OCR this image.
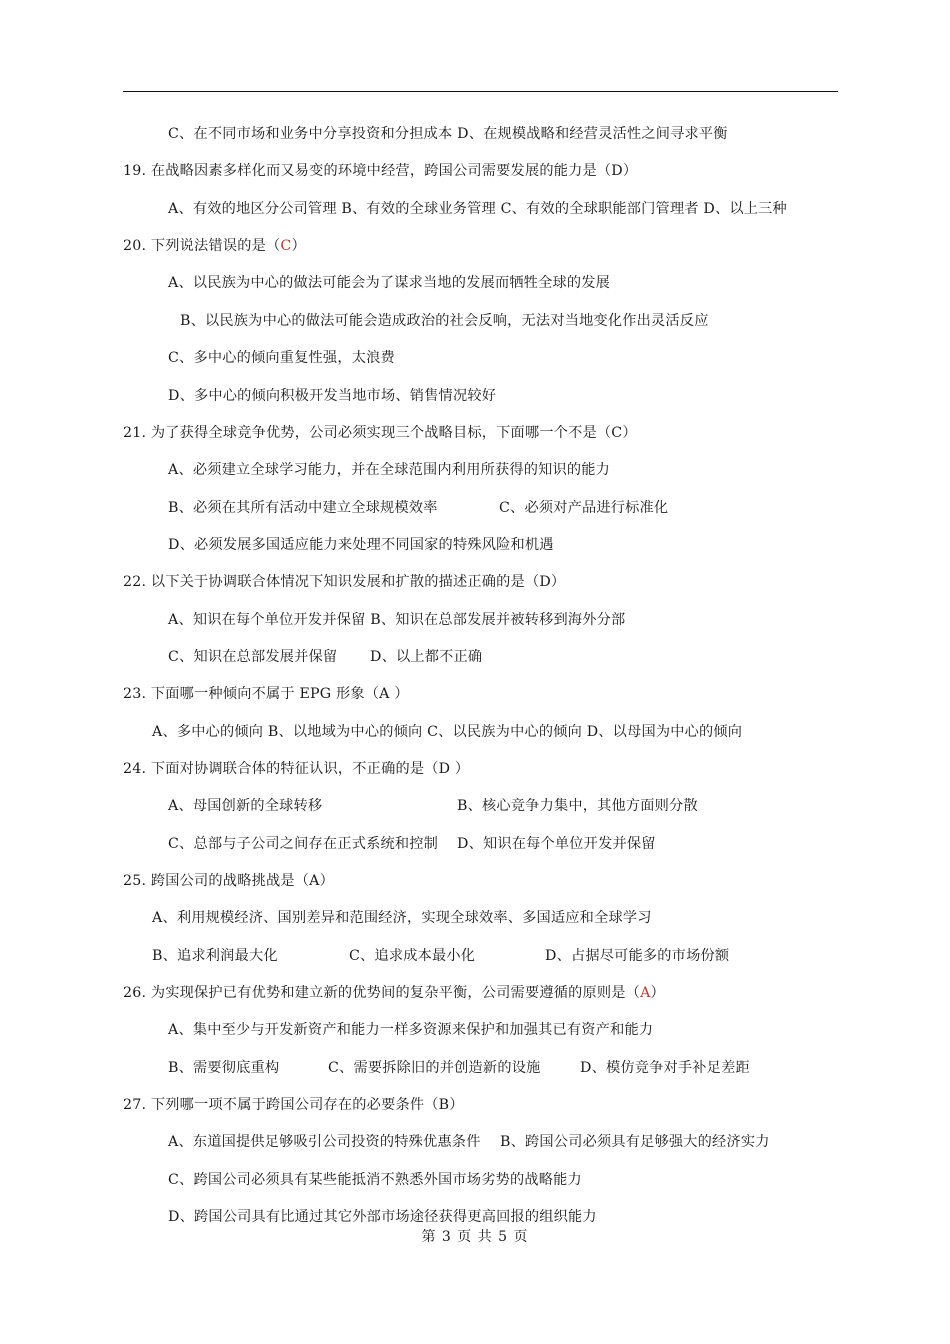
C、在不同市场和业务中分享投资和分担成本 D、在规模战略和经营灵活性之间寻求平衡
19. 在战略因素多样化而又易变的环境中经营，跨国公司需要发展的能力是（D）
A、有效的地区分公司管理 B、有效的全球业务管理 C、有效的全球职能部门管理者 D、以上三种
20. 下列说法错误的是（C）
A、以民族为中心的做法可能会为了谋求当地的发展而牺牲全球的发展
B、以民族为中心的做法可能会造成政治的社会反响，无法对当地变化作出灵活反应
C、多中心的倾向重复性强，太浪费
D、多中心的倾向积极开发当地市场、销售情况较好
21. 为了获得全球竞争优势，公司必须实现三个战略目标，下面哪一个不是（C）
A、必须建立全球学习能力，并在全球范围内利用所获得的知识的能力
B、必须在其所有活动中建立全球规模效率	C、必须对产品进行标准化
D、必须发展多国适应能力来处理不同国家的特殊风险和机遇
22. 以下关于协调联合体情况下知识发展和扩散的描述正确的是（D）
A、知识在每个单位开发并保留 B、知识在总部发展并被转移到海外分部
C、知识在总部发展并保留 D、以上都不正确
23. 下面哪一种倾向不属于 EPG 形象（A ）
A、多中心的倾向 B、以地域为中心的倾向 C、以民族为中心的倾向 D、以母国为中心的倾向
24. 下面对协调联合体的特征认识，不正确的是（D ）
A、母国创新的全球转移	B、核心竞争力集中，其他方面则分散
C、总部与子公司之间存在正式系统和控制 D、知识在每个单位开发并保留
25. 跨国公司的战略挑战是（A）
A、利用规模经济、国别差异和范围经济，实现全球效率、多国适应和全球学习
B、追求利润最大化	C、追求成本最小化	D、占据尽可能多的市场份额
26. 为实现保护已有优势和建立新的优势间的复杂平衡，公司需要遵循的原则是（A）
A、集中至少与开发新资产和能力一样多资源来保护和加强其已有资产和能力
B、需要彻底重构	C、需要拆除旧的并创造新的设施	D、模仿竞争对手补足差距
27. 下列哪一项不属于跨国公司存在的必要条件（B）
A、东道国提供足够吸引公司投资的特殊优惠条件 B、跨国公司必须具有足够强大的经济实力
C、跨国公司必须具有某些能抵消不熟悉外国市场劣势的战略能力
D、跨国公司具有比通过其它外部市场途径获得更高回报的组织能力
第 3 页 共 5 页
